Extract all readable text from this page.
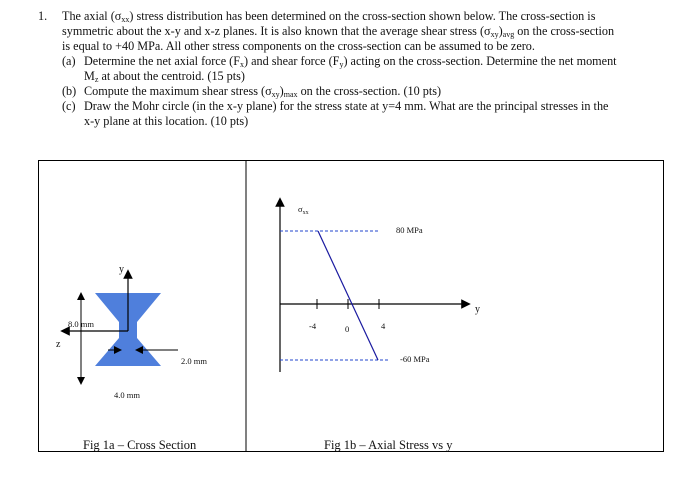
1. The axial $(\sigma_{xx})$ stress distribution has been determined on the cross-section shown below. The cross-section is
symmetric about the x-y and x-z planes. It is also known that the average shear stress $(\sigma_{xy})_{avg}$ on the cross-section
is equal to +40 MPa. All other stress components on the cross-section can be assumed to be zero.
(a) Determine the net axial force $(F_x)$ and shear force $(F_y)$ acting on the cross-section. Determine the net moment
$M_z$ at about the centroid. (15 pts)
(b) Compute the maximum shear stress $(\sigma_{xy})_{max}$ on the cross-section. (10 pts)
(c) Draw the Mohr circle (in the x-y plane) for the stress state at y=4 mm. What are the principal stresses in the
x-y plane at this location. (10 pts)
y
z
8.0 mm
2.0 mm
4.0 mm
Fig 1a – Cross Section
$\sigma_{xx}$
y
-4	0	4
80 MPa
-60 MPa
Fig 1b – Axial Stress vs y
